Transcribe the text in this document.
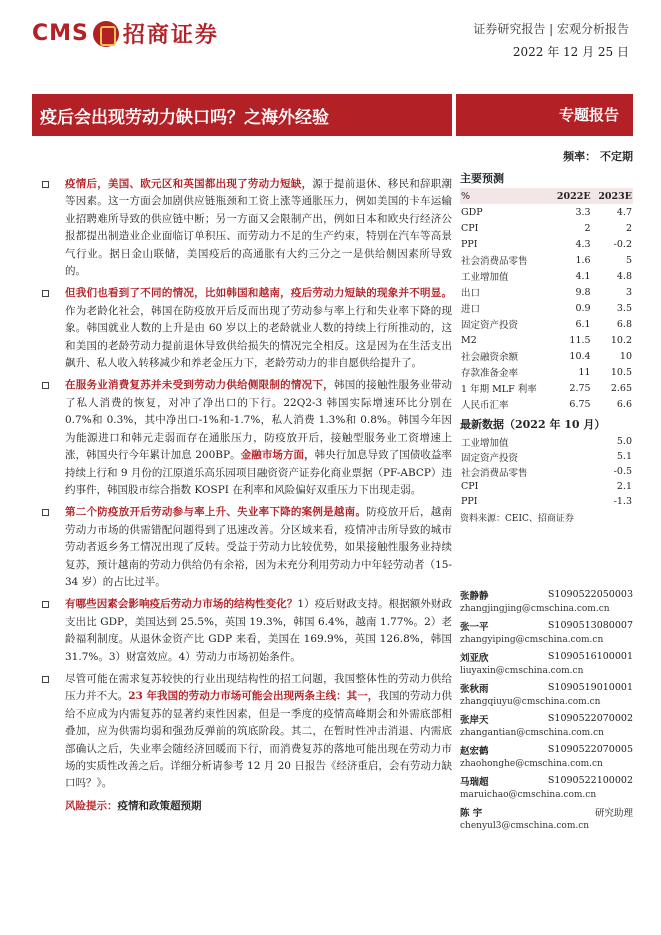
CMS 招商证券	证券研究报告 | 宏观分析报告
2022 年 12 月 25 日
疫后会出现劳动力缺口吗？之海外经验	专题报告
频率： 不定期
疫情后，美国、欧元区和英国都出现了劳动力短缺，源于提前退休、移民和辞职潮等因素。这一方面会加剧供应链瓶颈和工资上涨等通胀压力，例如美国的卡车运输业招聘难所导致的供应链中断；另一方面又会限制产出，例如日本和欧央行经济公报都提出制造业企业面临订单积压、而劳动力不足的生产约束，特别在汽车等高景气行业。据日金山联储，美国疫后的高通胀有大约三分之一是供给侧因素所导致的。
但我们也看到了不同的情况，比如韩国和越南，疫后劳动力短缺的现象并不明显。作为老龄化社会，韩国在防疫放开后反而出现了劳动参与率上行和失业率下降的现象。韩国就业人数的上升是由 60 岁以上的老龄就业人数的持续上行所推动的，这和美国的老龄劳动力提前退休导致供给损失的情况完全相反。这是因为在生活支出飙升、私人收入转移减少和养老金压力下，老龄劳动力的非自愿供给提升了。
在服务业消费复苏并未受到劳动力供给侧限制的情况下，韩国的接触性服务业带动了私人消费的恢复，对冲了净出口的下行。22Q2-3 韩国实际增速环比分别在 0.7%和 0.3%，其中净出口-1%和-1.7%，私人消费 1.3%和 0.8%。韩国今年因为能源进口和韩元走弱而存在通胀压力，防疫放开后，接触型服务业工资增速上涨，韩国央行今年累计加息 200BP。金融市场方面，韩央行加息导致了国债收益率持续上行和 9 月份的江原道乐高乐园项目融资资产证券化商业票据（PF-ABCP）违约事件，韩国股市综合指数 KOSPI 在利率和风险偏好双重压力下出现走弱。
第二个防疫放开后劳动参与率上升、失业率下降的案例是越南。防疫放开后，越南劳动力市场的供需错配问题得到了迅速改善。分区域来看，疫情冲击所导致的城市劳动者返乡务工情况出现了反转。受益于劳动力比较优势，如果接触性服务业持续复苏，预计越南的劳动力供给仍有余裕，因为未充分利用劳动力中年轻劳动者（15-34 岁）的占比过半。
有哪些因素会影响疫后劳动力市场的结构性变化？1）疫后财政支持。根据额外财政支出比 GDP，美国达到 25.5%，英国 19.3%，韩国 6.4%，越南 1.77%。2）老龄福利制度。从退休金资产比 GDP 来看，美国在 169.9%，英国 126.8%，韩国 31.7%。3）财富效应。4）劳动力市场初始条件。
尽管可能在需求复苏较快的行业出现结构性的招工问题，我国整体性的劳动力供给压力并不大。23 年我国的劳动力市场可能会出现两条主线：其一，我国的劳动力供给不应成为内需复苏的显著约束性因素，但是一季度的疫情高峰期会和外需底部相叠加，应为供需均弱和强劲反弹前的筑底阶段。其二，在暂时性冲击消退、内需底部确认之后，失业率会随经济回暖而下行，而消费复苏的落地可能出现在劳动力市场的实质性改善之后。详细分析请参考 12 月 20 日报告《经济重启，会有劳动力缺口吗？》。
风险提示：疫情和政策超预期
主要预测
%	2022E	2023E
GDP	3.3	4.7
CPI	2	2
PPI	4.3	-0.2
社会消费品零售	1.6	5
工业增加值	4.1	4.8
出口	9.8	3
进口	0.9	3.5
固定资产投资	6.1	6.8
M2	11.5	10.2
社会融资余额	10.4	10
存款准备金率	11	10.5
1 年期 MLF 利率	2.75	2.65
人民币汇率	6.75	6.6
最新数据（2022 年 10 月）
工业增加值	5.0
固定资产投资	5.1
社会消费品零售	-0.5
CPI	2.1
PPI	-1.3
资料来源：CEIC、招商证券
张静静	S1090522050003
zhangjingjing@cmschina.com.cn
张一平	S1090513080007
zhangyiping@cmschina.com.cn
刘亚欣	S1090516100001
liuyaxin@cmschina.com.cn
张秋雨	S1090519010001
zhangqiuyu@cmschina.com.cn
张岸天	S1090522070002
zhangantian@cmschina.com.cn
赵宏鹤	S1090522070005
zhaohonghe@cmschina.com.cn
马瑞超	S1090522100002
maruichao@cmschina.com.cn
陈 宇	研究助理
chenyul3@cmschina.com.cn
